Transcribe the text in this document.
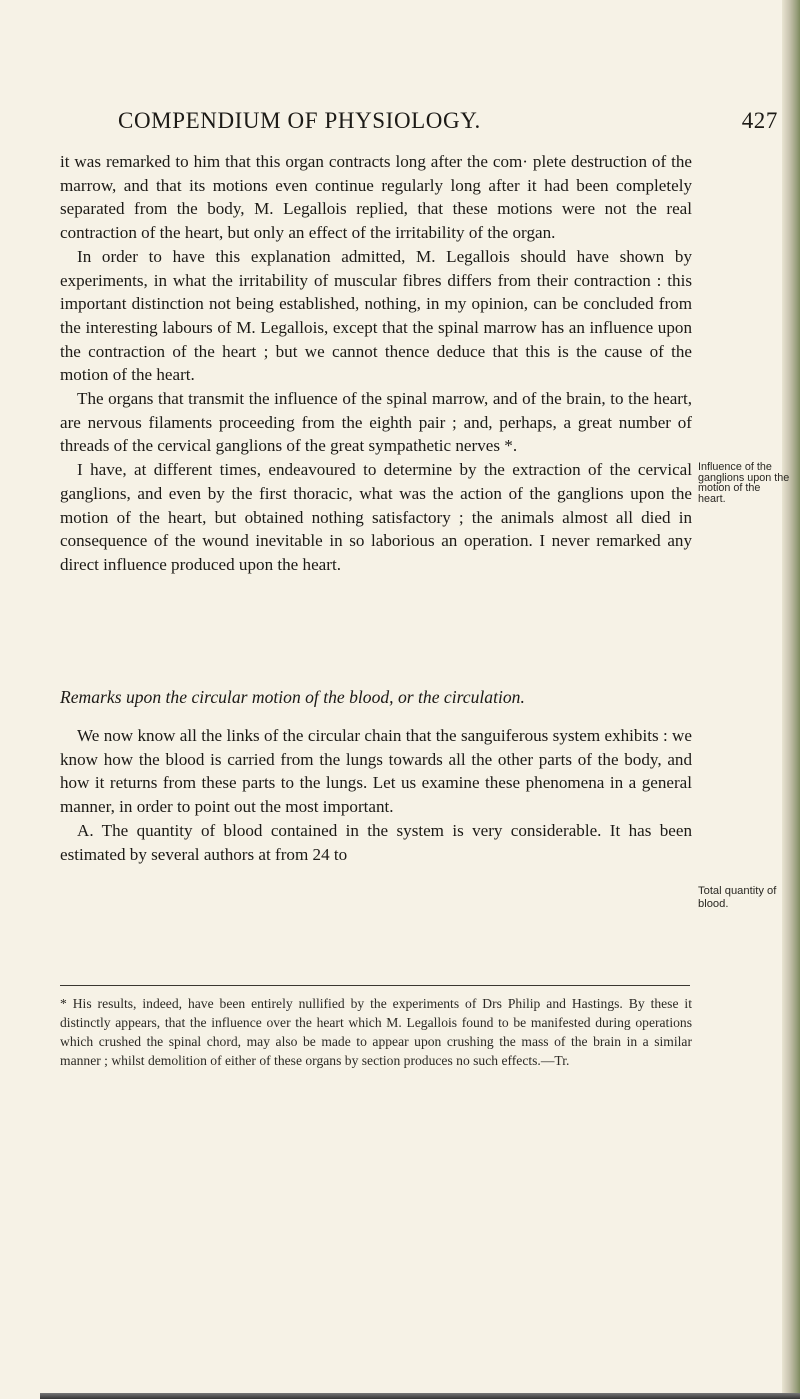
COMPENDIUM OF PHYSIOLOGY.	427

it was remarked to him that this organ contracts long after the com· plete destruction of the marrow, and that its motions even continue regularly long after it had been completely separated from the body, M. Legallois replied, that these motions were not the real contraction of the heart, but only an effect of the irritability of the organ.

In order to have this explanation admitted, M. Legallois should have shown by experiments, in what the irritability of muscular fibres differs from their contraction : this important distinction not being established, nothing, in my opinion, can be concluded from the interesting labours of M. Legallois, except that the spinal marrow has an influence upon the contraction of the heart ; but we cannot thence deduce that this is the cause of the motion of the heart.

The organs that transmit the influence of the spinal marrow, and of the brain, to the heart, are nervous filaments proceeding from the eighth pair ; and, perhaps, a great number of threads of the cervical ganglions of the great sympathetic nerves *.

I have, at different times, endeavoured to determine by the extraction of the cervical ganglions, and even by the first thoracic, what was the action of the ganglions upon the motion of the heart, but obtained nothing satisfactory ; the animals almost all died in consequence of the wound inevitable in so laborious an operation. I never remarked any direct influence produced upon the heart.

Influence of the ganglions upon the motion of the heart.
Remarks upon the circular motion of the blood, or the circulation.

We now know all the links of the circular chain that the sanguiferous system exhibits : we know how the blood is carried from the lungs towards all the other parts of the body, and how it returns from these parts to the lungs. Let us examine these phenomena in a general manner, in order to point out the most important.

A. The quantity of blood contained in the system is very considerable. It has been estimated by several authors at from 24 to

Total quantity of blood.
* His results, indeed, have been entirely nullified by the experiments of Drs Philip and Hastings. By these it distinctly appears, that the influence over the heart which M. Legallois found to be manifested during operations which crushed the spinal chord, may also be made to appear upon crushing the mass of the brain in a similar manner ; whilst demolition of either of these organs by section produces no such effects.—Tr.
